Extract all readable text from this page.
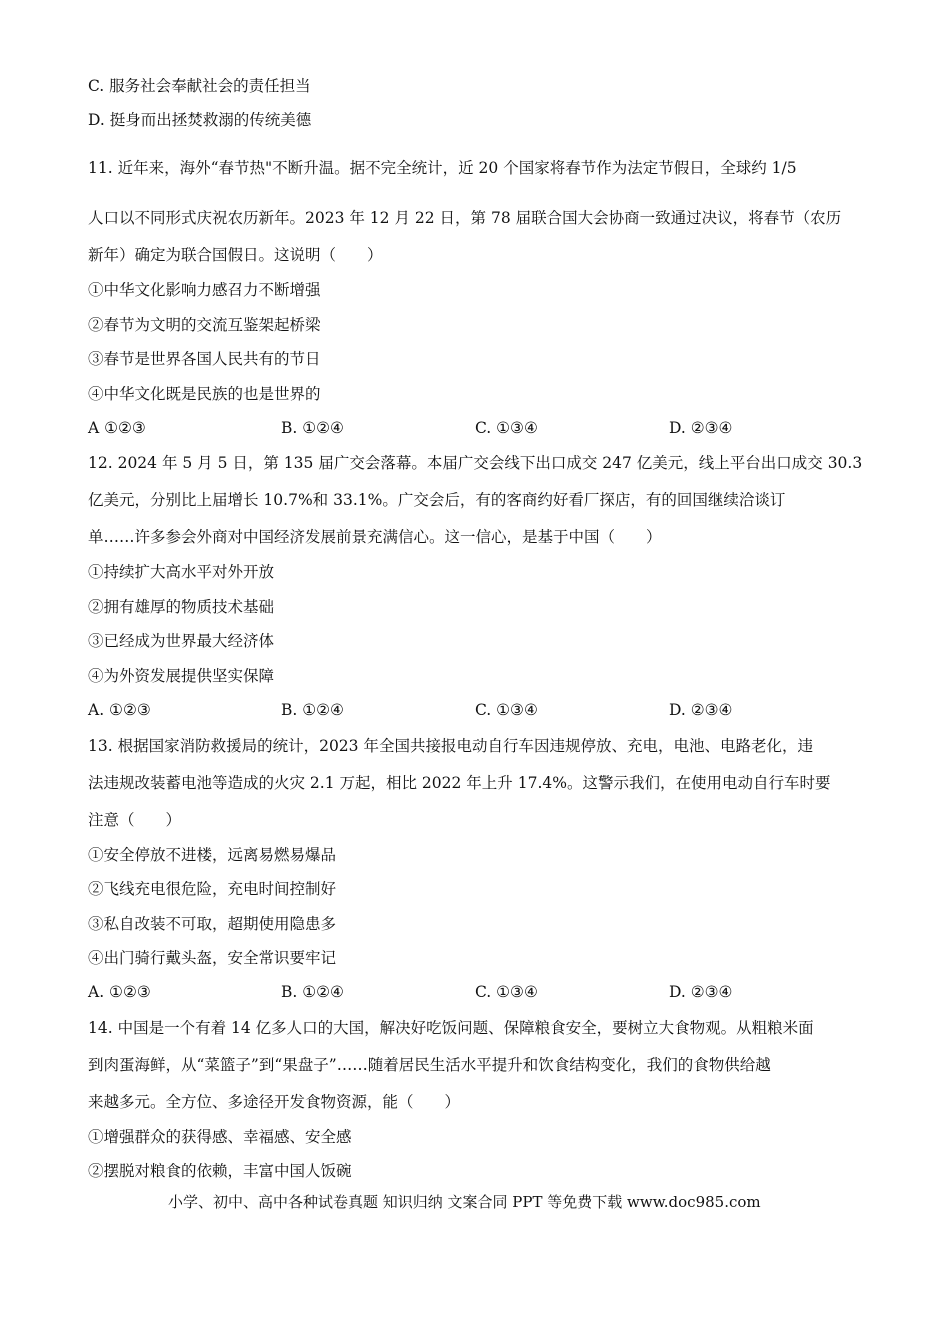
C. 服务社会奉献社会的责任担当
D. 挺身而出拯焚救溺的传统美德
11. 近年来，海外“春节热"不断升温。据不完全统计，近 20 个国家将春节作为法定节假日，全球约 1/5
人口以不同形式庆祝农历新年。2023 年 12 月 22 日，第 78 届联合国大会协商一致通过决议，将春节（农历
新年）确定为联合国假日。这说明（　　）
①中华文化影响力感召力不断增强
②春节为文明的交流互鉴架起桥梁
③春节是世界各国人民共有的节日
④中华文化既是民族的也是世界的
A ①②③	B. ①②④	C. ①③④	D. ②③④
12. 2024 年 5 月 5 日，第 135 届广交会落幕。本届广交会线下出口成交 247 亿美元，线上平台出口成交 30.3
亿美元，分别比上届增长 10.7%和 33.1%。广交会后，有的客商约好看厂探店，有的回国继续洽谈订
单……许多参会外商对中国经济发展前景充满信心。这一信心，是基于中国（　　）
①持续扩大高水平对外开放
②拥有雄厚的物质技术基础
③已经成为世界最大经济体
④为外资发展提供坚实保障
A. ①②③	B. ①②④	C. ①③④	D. ②③④
13. 根据国家消防救援局的统计，2023 年全国共接报电动自行车因违规停放、充电，电池、电路老化，违
法违规改装蓄电池等造成的火灾 2.1 万起，相比 2022 年上升 17.4%。这警示我们，在使用电动自行车时要
注意（　　）
①安全停放不进楼，远离易燃易爆品
②飞线充电很危险，充电时间控制好
③私自改装不可取，超期使用隐患多
④出门骑行戴头盔，安全常识要牢记
A. ①②③	B. ①②④	C. ①③④	D. ②③④
14. 中国是一个有着 14 亿多人口的大国，解决好吃饭问题、保障粮食安全，要树立大食物观。从粗粮米面
到肉蛋海鲜，从“菜篮子”到“果盘子”……随着居民生活水平提升和饮食结构变化，我们的食物供给越
来越多元。全方位、多途径开发食物资源，能（　　）
①增强群众的获得感、幸福感、安全感
②摆脱对粮食的依赖，丰富中国人饭碗
小学、初中、高中各种试卷真题 知识归纳 文案合同 PPT 等免费下载 www.doc985.com
